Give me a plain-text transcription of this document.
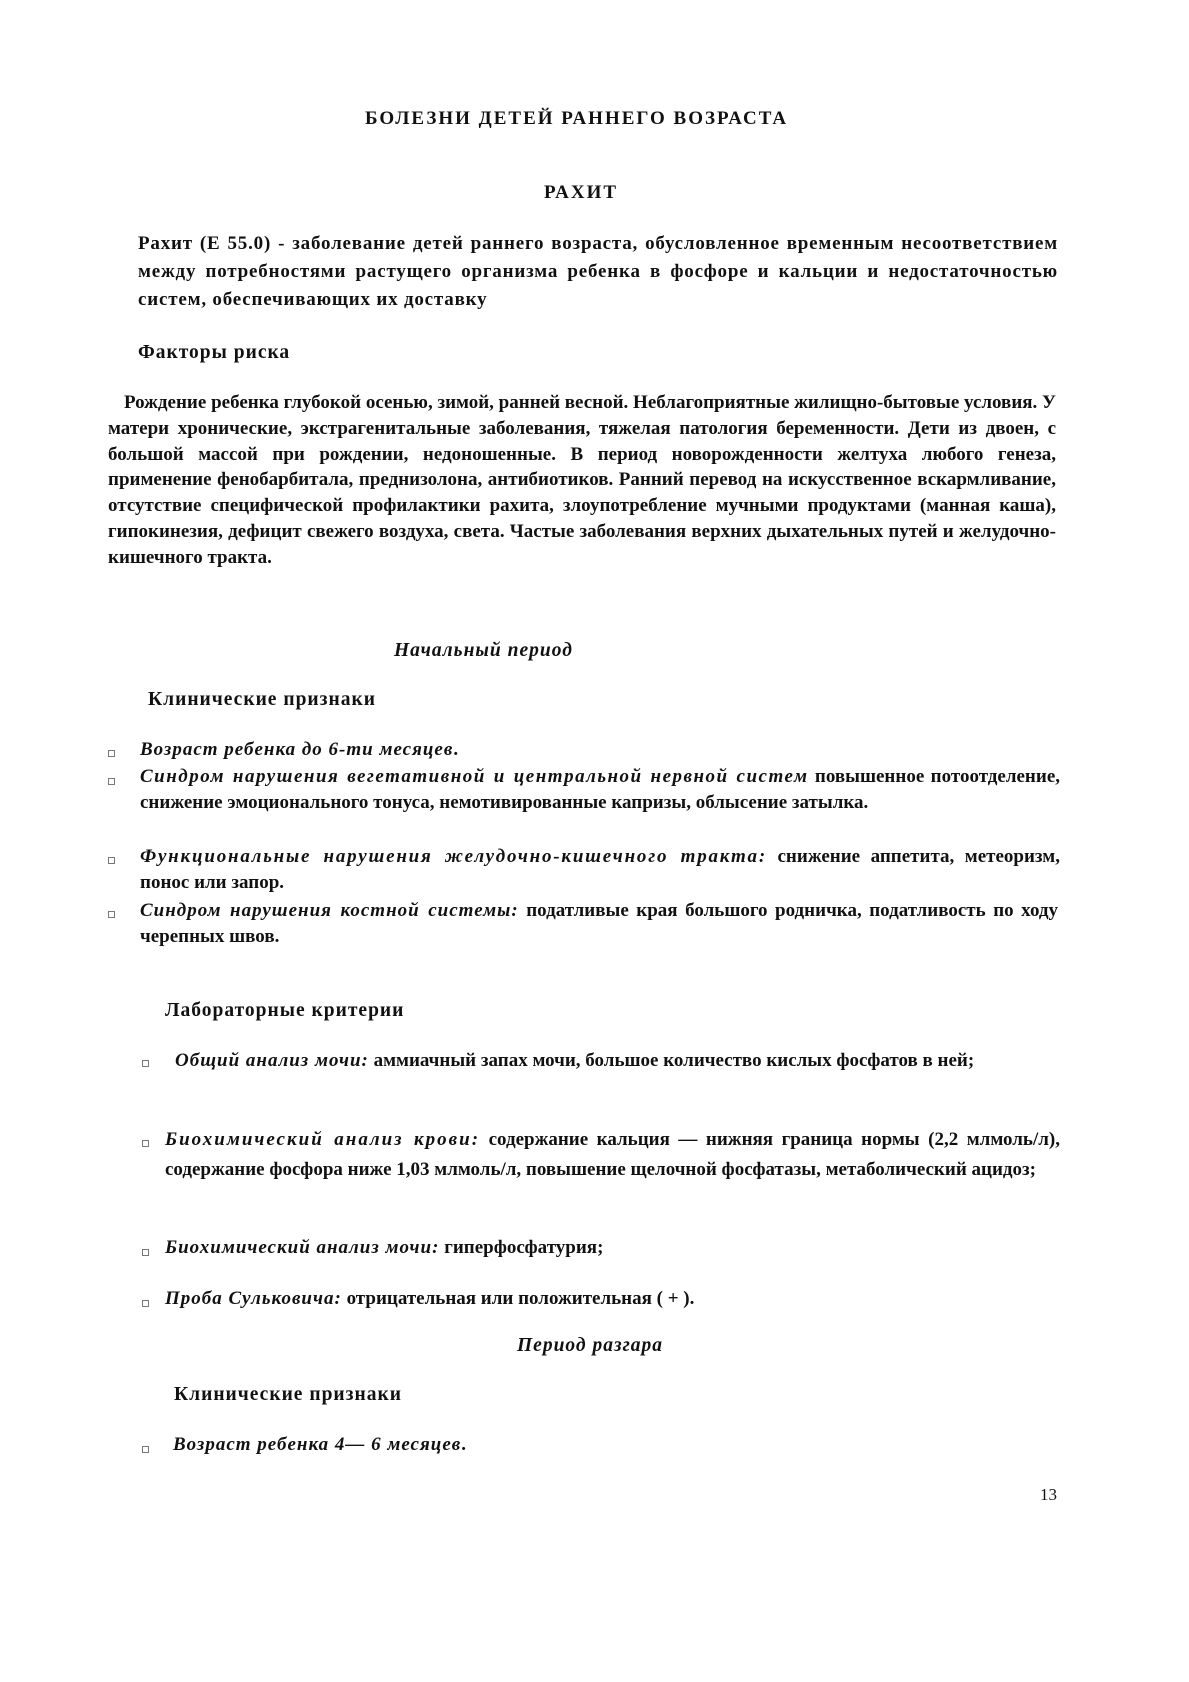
БОЛЕЗНИ ДЕТЕЙ РАННЕГО ВОЗРАСТА
РАХИТ
Рахит (Е 55.0) - заболевание детей раннего возраста, обусловленное временным несоответствием между потребностями растущего организма ребенка в фосфоре и кальции и недостаточностью систем, обеспечивающих их доставку
Факторы риска
Рождение ребенка глубокой осенью, зимой, ранней весной. Неблагоприятные жилищно-бытовые условия. У матери хронические, экстрагенитальные заболевания, тяжелая патология беременности. Дети из двоен, с большой массой при рождении, недоношенные. В период новорожденности желтуха любого генеза, применение фенобарбитала, преднизолона, антибиотиков. Ранний перевод на искусственное вскармливание, отсутствие специфической профилактики рахита, злоупотребление мучными продуктами (манная каша), гипокинезия, дефицит свежего воздуха, света. Частые заболевания верхних дыхательных путей и желудочно-кишечного тракта.
Начальный период
Клинические признаки
Возраст ребенка до 6-ти месяцев.
Синдром нарушения вегетативной и центральной нервной систем повышенное потоотделение, снижение эмоционального тонуса, немотивированные капризы, облысение затылка.
Функциональные нарушения желудочно-кишечного тракта: снижение аппетита, метеоризм, понос или запор.
Синдром нарушения костной системы: податливые края большого родничка, податливость по ходу черепных швов.
Лабораторные критерии
Общий анализ мочи: аммиачный запах мочи, большое количество кислых фосфатов в ней;
Биохимический анализ крови: содержание кальция — нижняя граница нормы (2,2 млмоль/л), содержание фосфора ниже 1,03 млмоль/л, повышение щелочной фосфатазы, метаболический ацидоз;
Биохимический анализ мочи: гиперфосфатурия;
Проба Сульковича: отрицательная или положительная ( + ).
Период разгара
Клинические признаки
Возраст ребенка 4— 6 месяцев.
13
